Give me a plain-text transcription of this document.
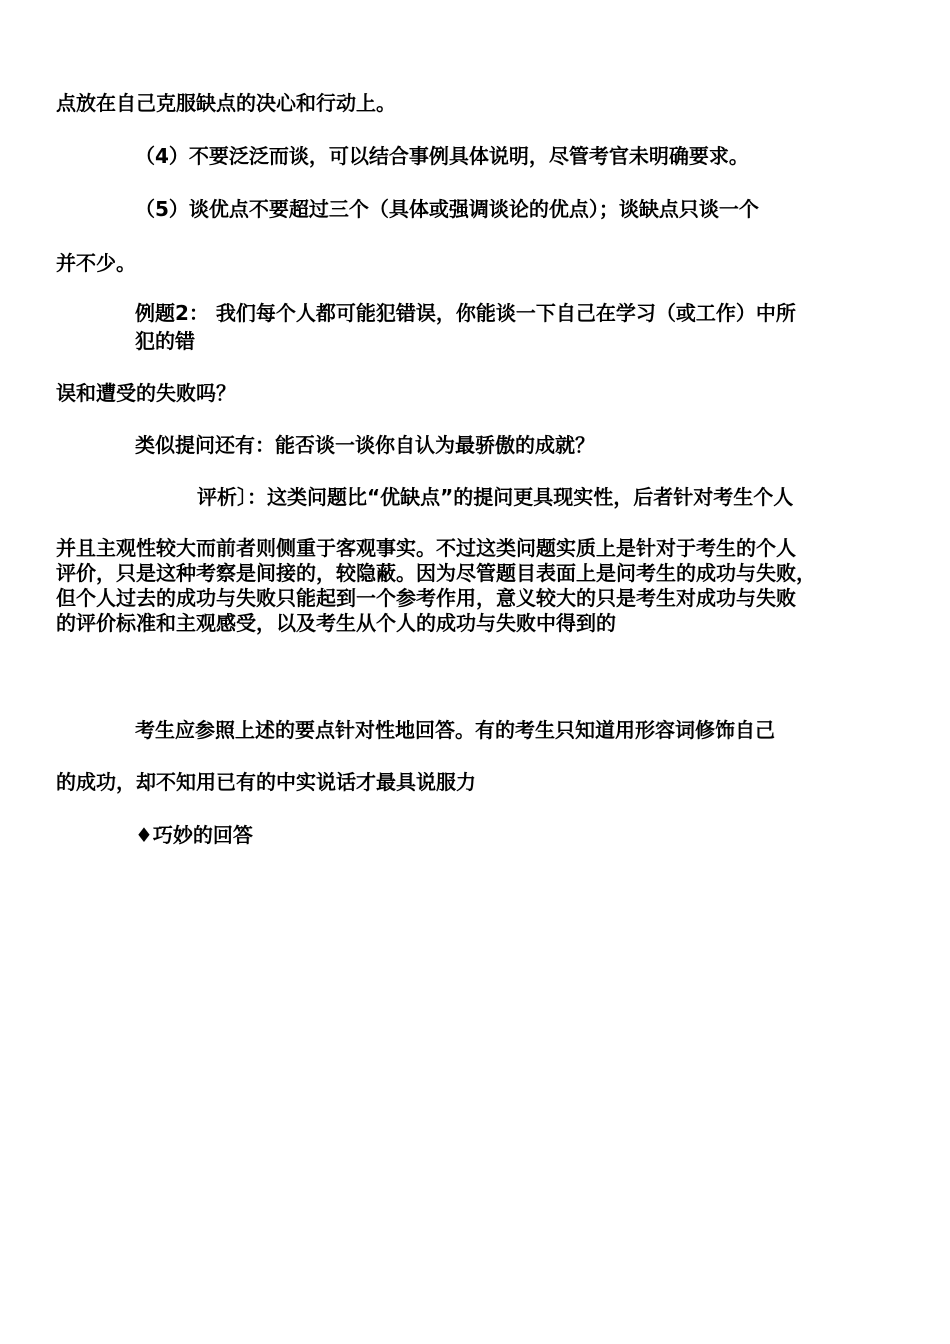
点放在自己克服缺点的决心和行动上。
（4）不要泛泛而谈，可以结合事例具体说明，尽管考官未明确要求。
（5）谈优点不要超过三个（具体或强调谈论的优点）；谈缺点只谈一个
并不少。
例题2： 我们每个人都可能犯错误，你能谈一下自己在学习（或工作）中所
犯的错
误和遭受的失败吗？
类似提问还有：能否谈一谈你自认为最骄傲的成就？
评析〕：这类问题比“优缺点”的提问更具现实性，后者针对考生个人
并且主观性较大而前者则侧重于客观事实。不过这类问题实质上是针对于考生的个人
评价，只是这种考察是间接的，较隐蔽。因为尽管题目表面上是问考生的成功与失败，
但个人过去的成功与失败只能起到一个参考作用，意义较大的只是考生对成功与失败
的评价标准和主观感受，以及考生从个人的成功与失败中得到的
考生应参照上述的要点针对性地回答。有的考生只知道用形容词修饰自己
的成功，却不知用已有的中实说话才最具说服力
♦巧妙的回答
